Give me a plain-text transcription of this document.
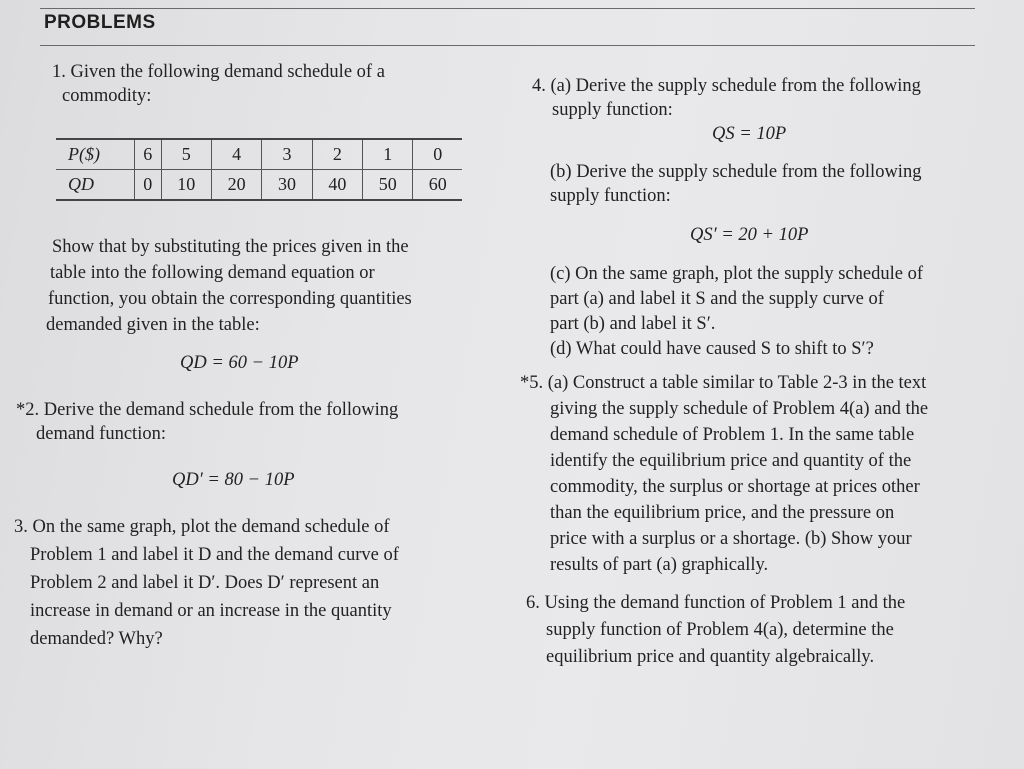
PROBLEMS
1. Given the following demand schedule of a
commodity:
P($)	6	5	4	3	2	1	0
QD	0	10	20	30	40	50	60
Show that by substituting the prices given in the
table into the following demand equation or
function, you obtain the corresponding quantities
demanded given in the table:
QD = 60 − 10P
*2. Derive the demand schedule from the following
demand function:
QD′ = 80 − 10P
3. On the same graph, plot the demand schedule of
Problem 1 and label it D and the demand curve of
Problem 2 and label it D′. Does D′ represent an
increase in demand or an increase in the quantity
demanded? Why?
4. (a) Derive the supply schedule from the following
supply function:
QS = 10P
(b) Derive the supply schedule from the following
supply function:
QS′ = 20 + 10P
(c) On the same graph, plot the supply schedule of
part (a) and label it S and the supply curve of
part (b) and label it S′.
(d) What could have caused S to shift to S′?
*5. (a) Construct a table similar to Table 2-3 in the text
giving the supply schedule of Problem 4(a) and the
demand schedule of Problem 1. In the same table
identify the equilibrium price and quantity of the
commodity, the surplus or shortage at prices other
than the equilibrium price, and the pressure on
price with a surplus or a shortage. (b) Show your
results of part (a) graphically.
6. Using the demand function of Problem 1 and the
supply function of Problem 4(a), determine the
equilibrium price and quantity algebraically.
